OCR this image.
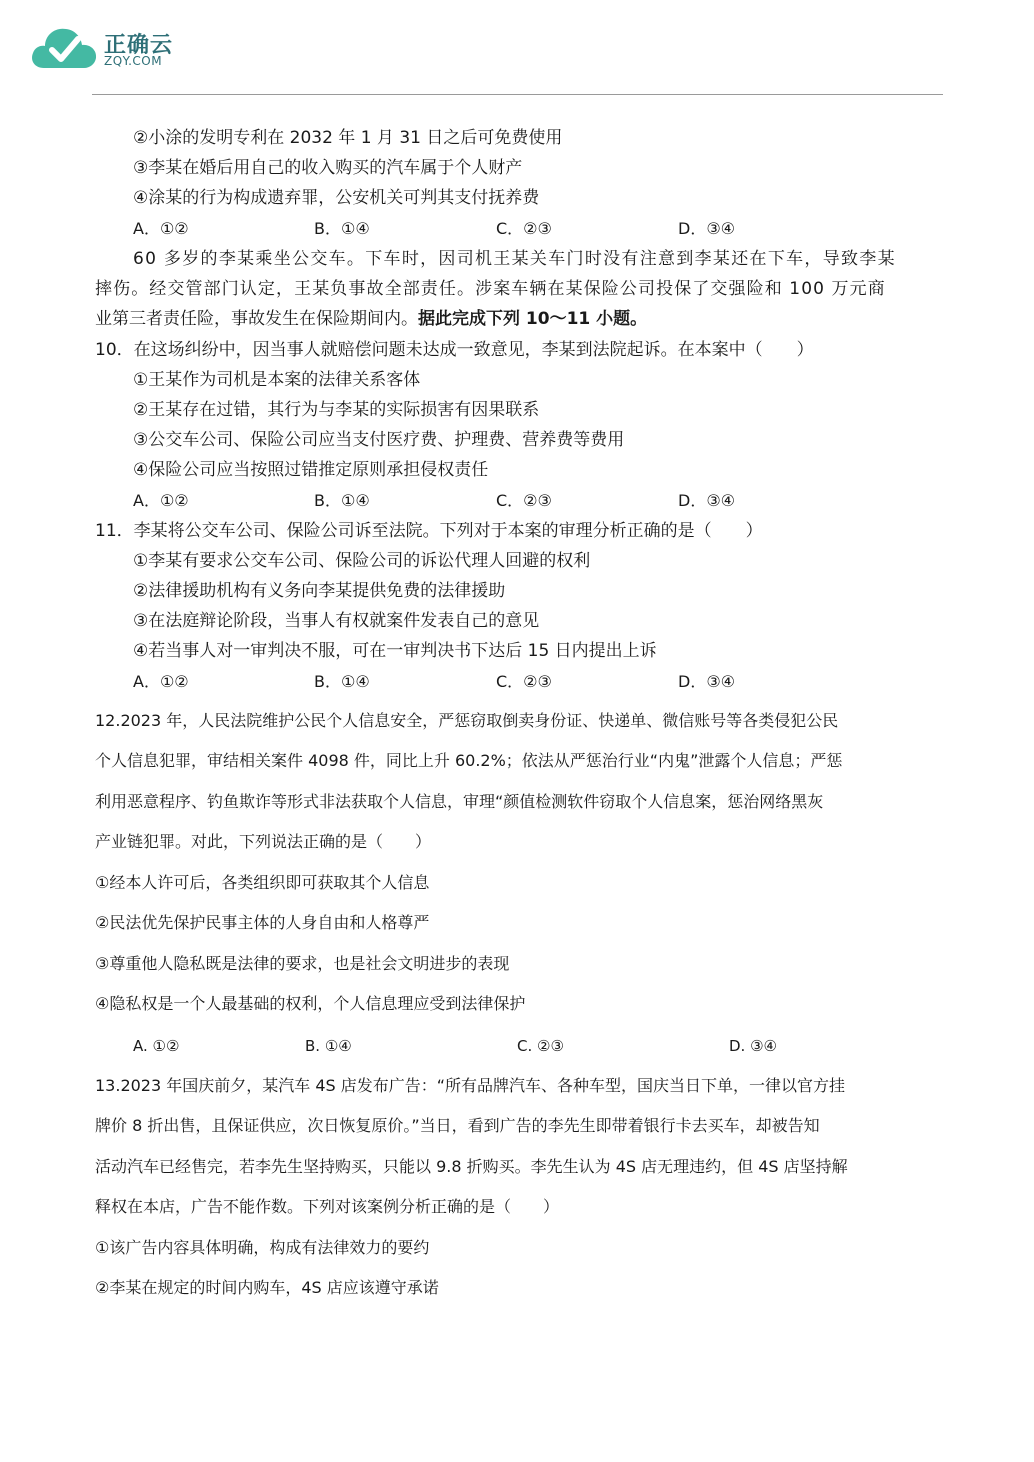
正确云
ZQY.COM
②小涂的发明专利在 2032 年 1 月 31 日之后可免费使用
③李某在婚后用自己的收入购买的汽车属于个人财产
④涂某的行为构成遗弃罪，公安机关可判其支付抚养费
A．①②	B．①④	C．②③	D．③④
60 多岁的李某乘坐公交车。下车时，因司机王某关车门时没有注意到李某还在下车，导致李某
摔伤。经交管部门认定，王某负事故全部责任。涉案车辆在某保险公司投保了交强险和 100 万元商
业第三者责任险，事故发生在保险期间内。据此完成下列 10～11 小题。
10．在这场纠纷中，因当事人就赔偿问题未达成一致意见，李某到法院起诉。在本案中（　　）
①王某作为司机是本案的法律关系客体
②王某存在过错，其行为与李某的实际损害有因果联系
③公交车公司、保险公司应当支付医疗费、护理费、营养费等费用
④保险公司应当按照过错推定原则承担侵权责任
A．①②	B．①④	C．②③	D．③④
11．李某将公交车公司、保险公司诉至法院。下列对于本案的审理分析正确的是（　　）
①李某有要求公交车公司、保险公司的诉讼代理人回避的权利
②法律援助机构有义务向李某提供免费的法律援助
③在法庭辩论阶段，当事人有权就案件发表自己的意见
④若当事人对一审判决不服，可在一审判决书下达后 15 日内提出上诉
A．①②	B．①④	C．②③	D．③④
12.2023 年，人民法院维护公民个人信息安全，严惩窃取倒卖身份证、快递单、微信账号等各类侵犯公民
个人信息犯罪，审结相关案件 4098 件，同比上升 60.2%；依法从严惩治行业“内鬼”泄露个人信息；严惩
利用恶意程序、钓鱼欺诈等形式非法获取个人信息，审理“颜值检测软件窃取个人信息案，惩治网络黑灰
产业链犯罪。对此，下列说法正确的是（　　）
①经本人许可后，各类组织即可获取其个人信息
②民法优先保护民事主体的人身自由和人格尊严
③尊重他人隐私既是法律的要求，也是社会文明进步的表现
④隐私权是一个人最基础的权利，个人信息理应受到法律保护
A. ①②	B. ①④	C. ②③	D. ③④
13.2023 年国庆前夕，某汽车 4S 店发布广告：“所有品牌汽车、各种车型，国庆当日下单，一律以官方挂
牌价 8 折出售，且保证供应，次日恢复原价。”当日，看到广告的李先生即带着银行卡去买车，却被告知
活动汽车已经售完，若李先生坚持购买，只能以 9.8 折购买。李先生认为 4S 店无理违约，但 4S 店坚持解
释权在本店，广告不能作数。下列对该案例分析正确的是（　　）
①该广告内容具体明确，构成有法律效力的要约
②李某在规定的时间内购车，4S 店应该遵守承诺
